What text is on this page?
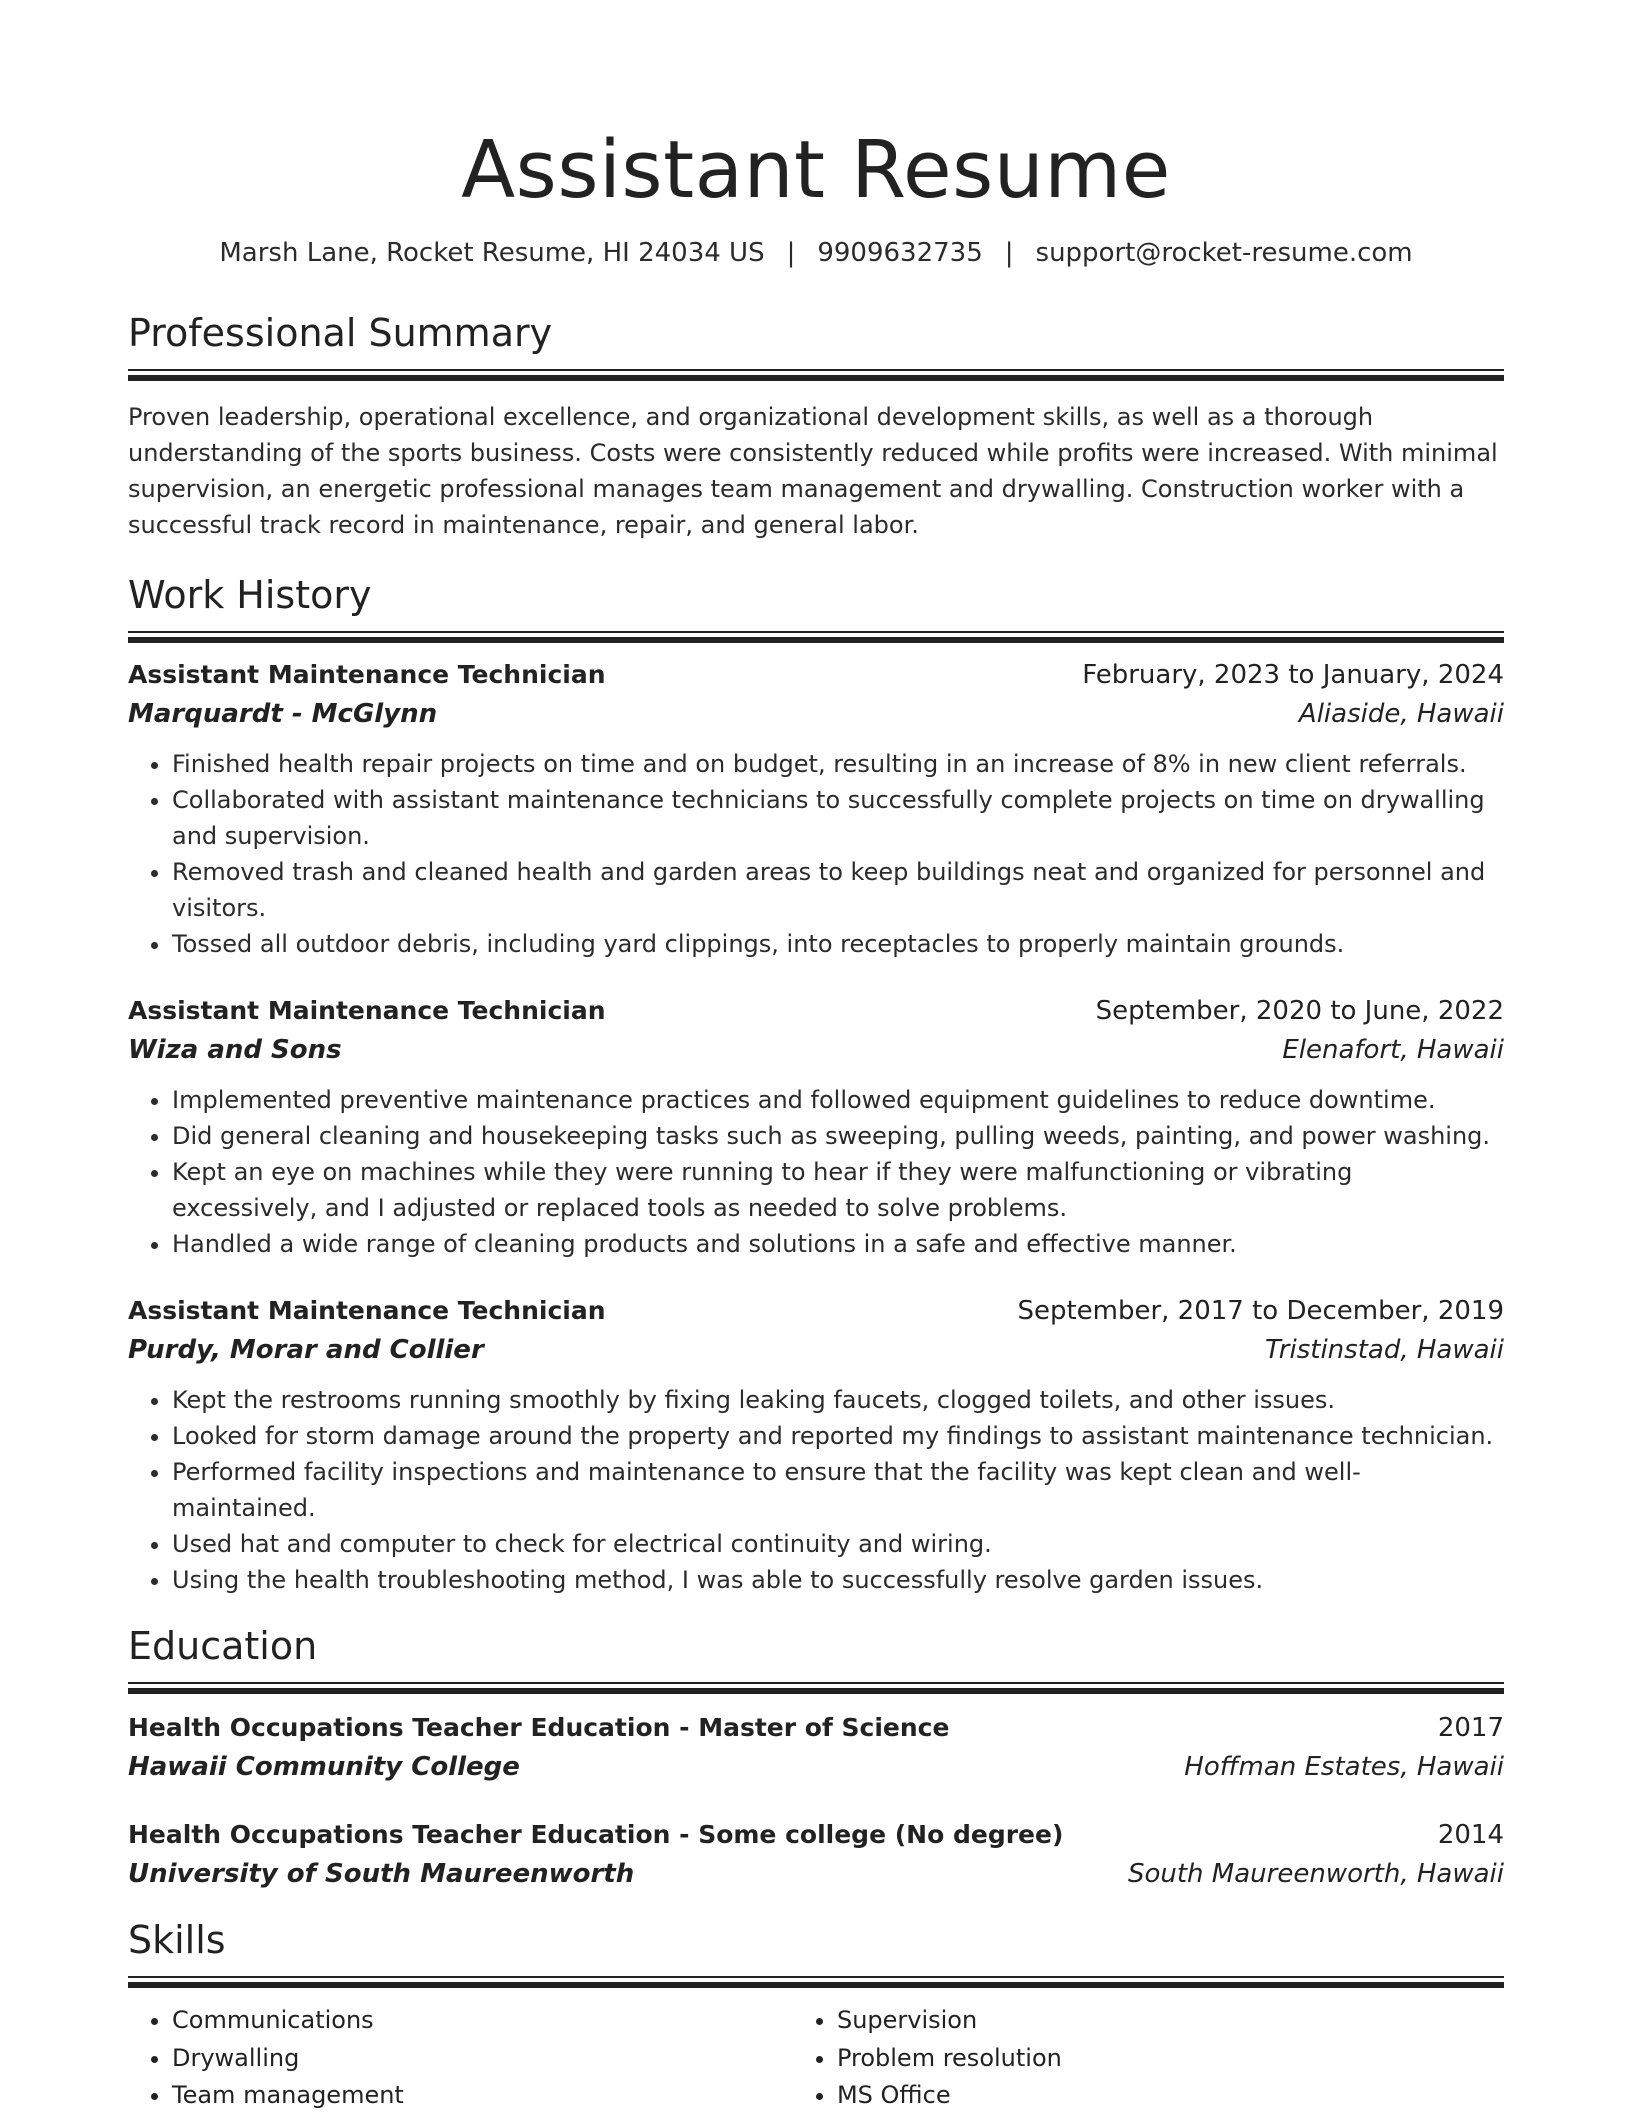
Assistant Resume
Marsh Lane, Rocket Resume, HI 24034 US | 9909632735 | support@rocket-resume.com
Professional Summary
Proven leadership, operational excellence, and organizational development skills, as well as a thorough understanding of the sports business. Costs were consistently reduced while profits were increased. With minimal supervision, an energetic professional manages team management and drywalling. Construction worker with a successful track record in maintenance, repair, and general labor.
Work History
Assistant Maintenance Technician	February, 2023 to January, 2024
Marquardt - McGlynn	Aliaside, Hawaii
• Finished health repair projects on time and on budget, resulting in an increase of 8% in new client referrals.
• Collaborated with assistant maintenance technicians to successfully complete projects on time on drywalling and supervision.
• Removed trash and cleaned health and garden areas to keep buildings neat and organized for personnel and visitors.
• Tossed all outdoor debris, including yard clippings, into receptacles to properly maintain grounds.
Assistant Maintenance Technician	September, 2020 to June, 2022
Wiza and Sons	Elenafort, Hawaii
• Implemented preventive maintenance practices and followed equipment guidelines to reduce downtime.
• Did general cleaning and housekeeping tasks such as sweeping, pulling weeds, painting, and power washing.
• Kept an eye on machines while they were running to hear if they were malfunctioning or vibrating excessively, and I adjusted or replaced tools as needed to solve problems.
• Handled a wide range of cleaning products and solutions in a safe and effective manner.
Assistant Maintenance Technician	September, 2017 to December, 2019
Purdy, Morar and Collier	Tristinstad, Hawaii
• Kept the restrooms running smoothly by fixing leaking faucets, clogged toilets, and other issues.
• Looked for storm damage around the property and reported my findings to assistant maintenance technician.
• Performed facility inspections and maintenance to ensure that the facility was kept clean and well-maintained.
• Used hat and computer to check for electrical continuity and wiring.
• Using the health troubleshooting method, I was able to successfully resolve garden issues.
Education
Health Occupations Teacher Education - Master of Science	2017
Hawaii Community College	Hoffman Estates, Hawaii
Health Occupations Teacher Education - Some college (No degree)	2014
University of South Maureenworth	South Maureenworth, Hawaii
Skills
• Communications
• Drywalling
• Team management
• Supervision
• Problem resolution
• MS Office
